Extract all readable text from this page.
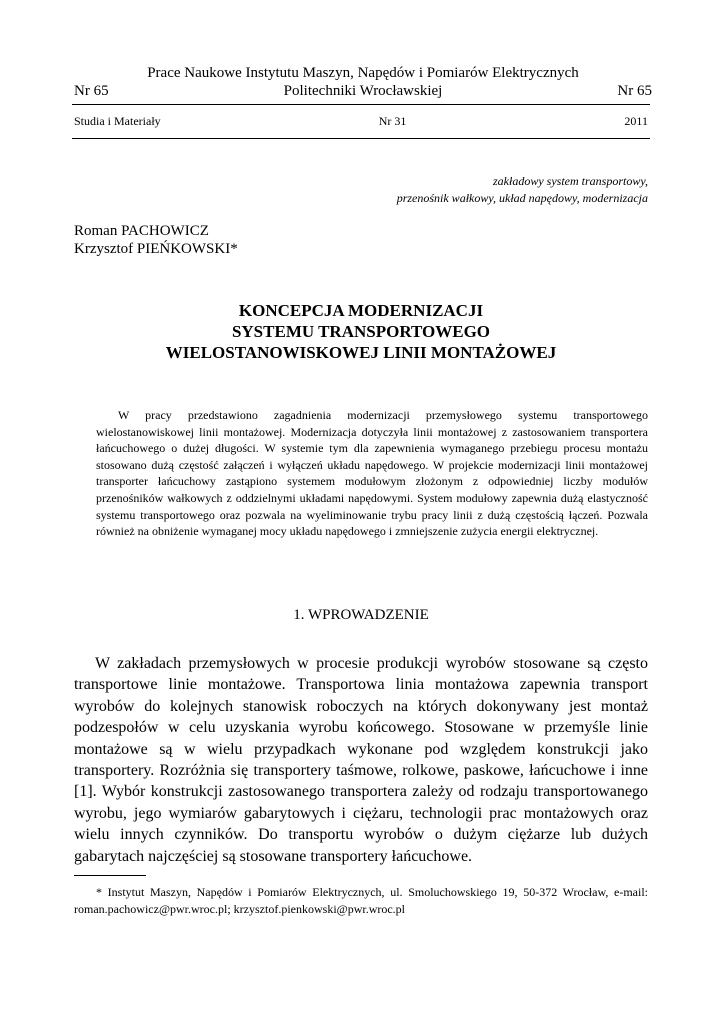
Prace Naukowe Instytutu Maszyn, Napędów i Pomiarów Elektrycznych
Nr 65	Politechniki Wrocławskiej	Nr 65
Studia i Materiały	Nr 31	2011
zakładowy system transportowy,
przenośnik wałkowy, układ napędowy, modernizacja
Roman PACHOWICZ
Krzysztof PIEŃKOWSKI*
KONCEPCJA MODERNIZACJI
SYSTEMU TRANSPORTOWEGO
WIELOSTANOWISKOWEJ LINII MONTAŻOWEJ
W pracy przedstawiono zagadnienia modernizacji przemysłowego systemu transportowego wielostanowiskowej linii montażowej. Modernizacja dotyczyła linii montażowej z zastosowaniem transportera łańcuchowego o dużej długości. W systemie tym dla zapewnienia wymaganego przebiegu procesu montażu stosowano dużą częstość załączeń i wyłączeń układu napędowego. W projekcie modernizacji linii montażowej transporter łańcuchowy zastąpiono systemem modułowym złożonym z odpowiedniej liczby modułów przenośników wałkowych z oddzielnymi układami napędowymi. System modułowy zapewnia dużą elastyczność systemu transportowego oraz pozwala na wyeliminowanie trybu pracy linii z dużą częstością łączeń. Pozwala również na obniżenie wymaganej mocy układu napędowego i zmniejszenie zużycia energii elektrycznej.
1. WPROWADZENIE
W zakładach przemysłowych w procesie produkcji wyrobów stosowane są często transportowe linie montażowe. Transportowa linia montażowa zapewnia transport wyrobów do kolejnych stanowisk roboczych na których dokonywany jest montaż podzespołów w celu uzyskania wyrobu końcowego. Stosowane w przemyśle linie montażowe są w wielu przypadkach wykonane pod względem konstrukcji jako transportery. Rozróżnia się transportery taśmowe, rolkowe, paskowe, łańcuchowe i inne [1]. Wybór konstrukcji zastosowanego transportera zależy od rodzaju transportowanego wyrobu, jego wymiarów gabarytowych i ciężaru, technologii prac montażowych oraz wielu innych czynników. Do transportu wyrobów o dużym ciężarze lub dużych gabarytach najczęściej są stosowane transportery łańcuchowe.
* Instytut Maszyn, Napędów i Pomiarów Elektrycznych, ul. Smoluchowskiego 19, 50-372 Wrocław, e-mail: roman.pachowicz@pwr.wroc.pl; krzysztof.pienkowski@pwr.wroc.pl
